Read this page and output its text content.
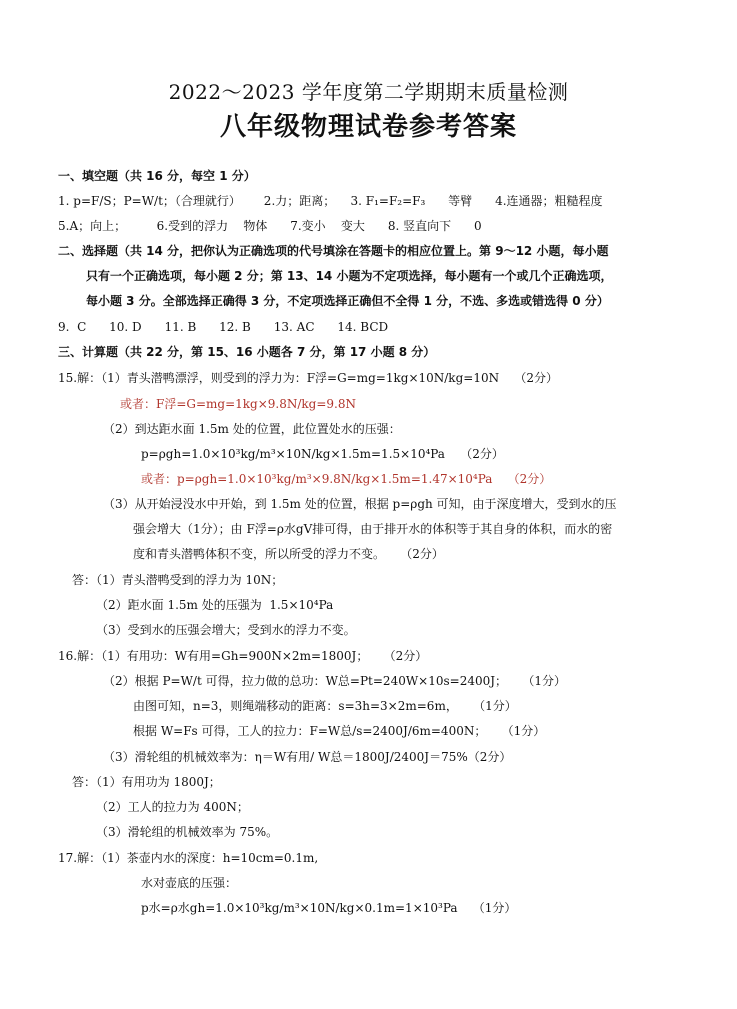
2022～2023 学年度第二学期期末质量检测
八年级物理试卷参考答案
一、填空题（共 16 分，每空 1 分）
1. p=F/S；P=W/t；（合理就行）      2.力；距离；    3. F₁=F₂=F₃      等臂      4.连通器；粗糙程度
5.A；向上；        6.受到的浮力    物体      7.变小    变大      8. 竖直向下      0
二、选择题（共 14 分，把你认为正确选项的代号填涂在答题卡的相应位置上。第 9～12 小题，每小题
只有一个正确选项，每小题 2 分；第 13、14 小题为不定项选择，每小题有一个或几个正确选项，
每小题 3 分。全部选择正确得 3 分，不定项选择正确但不全得 1 分，不选、多选或错选得 0 分）
9.  C      10. D      11. B      12. B      13. AC      14. BCD
三、计算题（共 22 分，第 15、16 小题各 7 分，第 17 小题 8 分）
15.解：（1）青头潜鸭漂浮，则受到的浮力为：F浮=G=mg=1kg×10N/kg=10N    （2分）
或者：F浮=G=mg=1kg×9.8N/kg=9.8N
（2）到达距水面 1.5m 处的位置，此位置处水的压强：
p=ρgh=1.0×10³kg/m³×10N/kg×1.5m=1.5×10⁴Pa    （2分）
或者：p=ρgh=1.0×10³kg/m³×9.8N/kg×1.5m=1.47×10⁴Pa    （2分）
（3）从开始浸没水中开始，到 1.5m 处的位置，根据 p=ρgh 可知，由于深度增大，受到水的压
强会增大（1分）；由 F浮=ρ水gV排可得，由于排开水的体积等于其自身的体积，而水的密
度和青头潜鸭体积不变，所以所受的浮力不变。    （2分）
答：（1）青头潜鸭受到的浮力为 10N；
（2）距水面 1.5m 处的压强为  1.5×10⁴Pa
（3）受到水的压强会增大；受到水的浮力不变。
16.解：（1）有用功：W有用=Gh=900N×2m=1800J；    （2分）
（2）根据 P=W/t 可得，拉力做的总功：W总=Pt=240W×10s=2400J；    （1分）
由图可知，n=3，则绳端移动的距离：s=3h=3×2m=6m，    （1分）
根据 W=Fs 可得，工人的拉力：F=W总/s=2400J/6m=400N；    （1分）
（3）滑轮组的机械效率为：η＝W有用/ W总＝1800J/2400J＝75%（2分）
答：（1）有用功为 1800J；
（2）工人的拉力为 400N；
（3）滑轮组的机械效率为 75%。
17.解：（1）茶壶内水的深度：h=10cm=0.1m,
水对壶底的压强：
p水=ρ水gh=1.0×10³kg/m³×10N/kg×0.1m=1×10³Pa    （1分）
